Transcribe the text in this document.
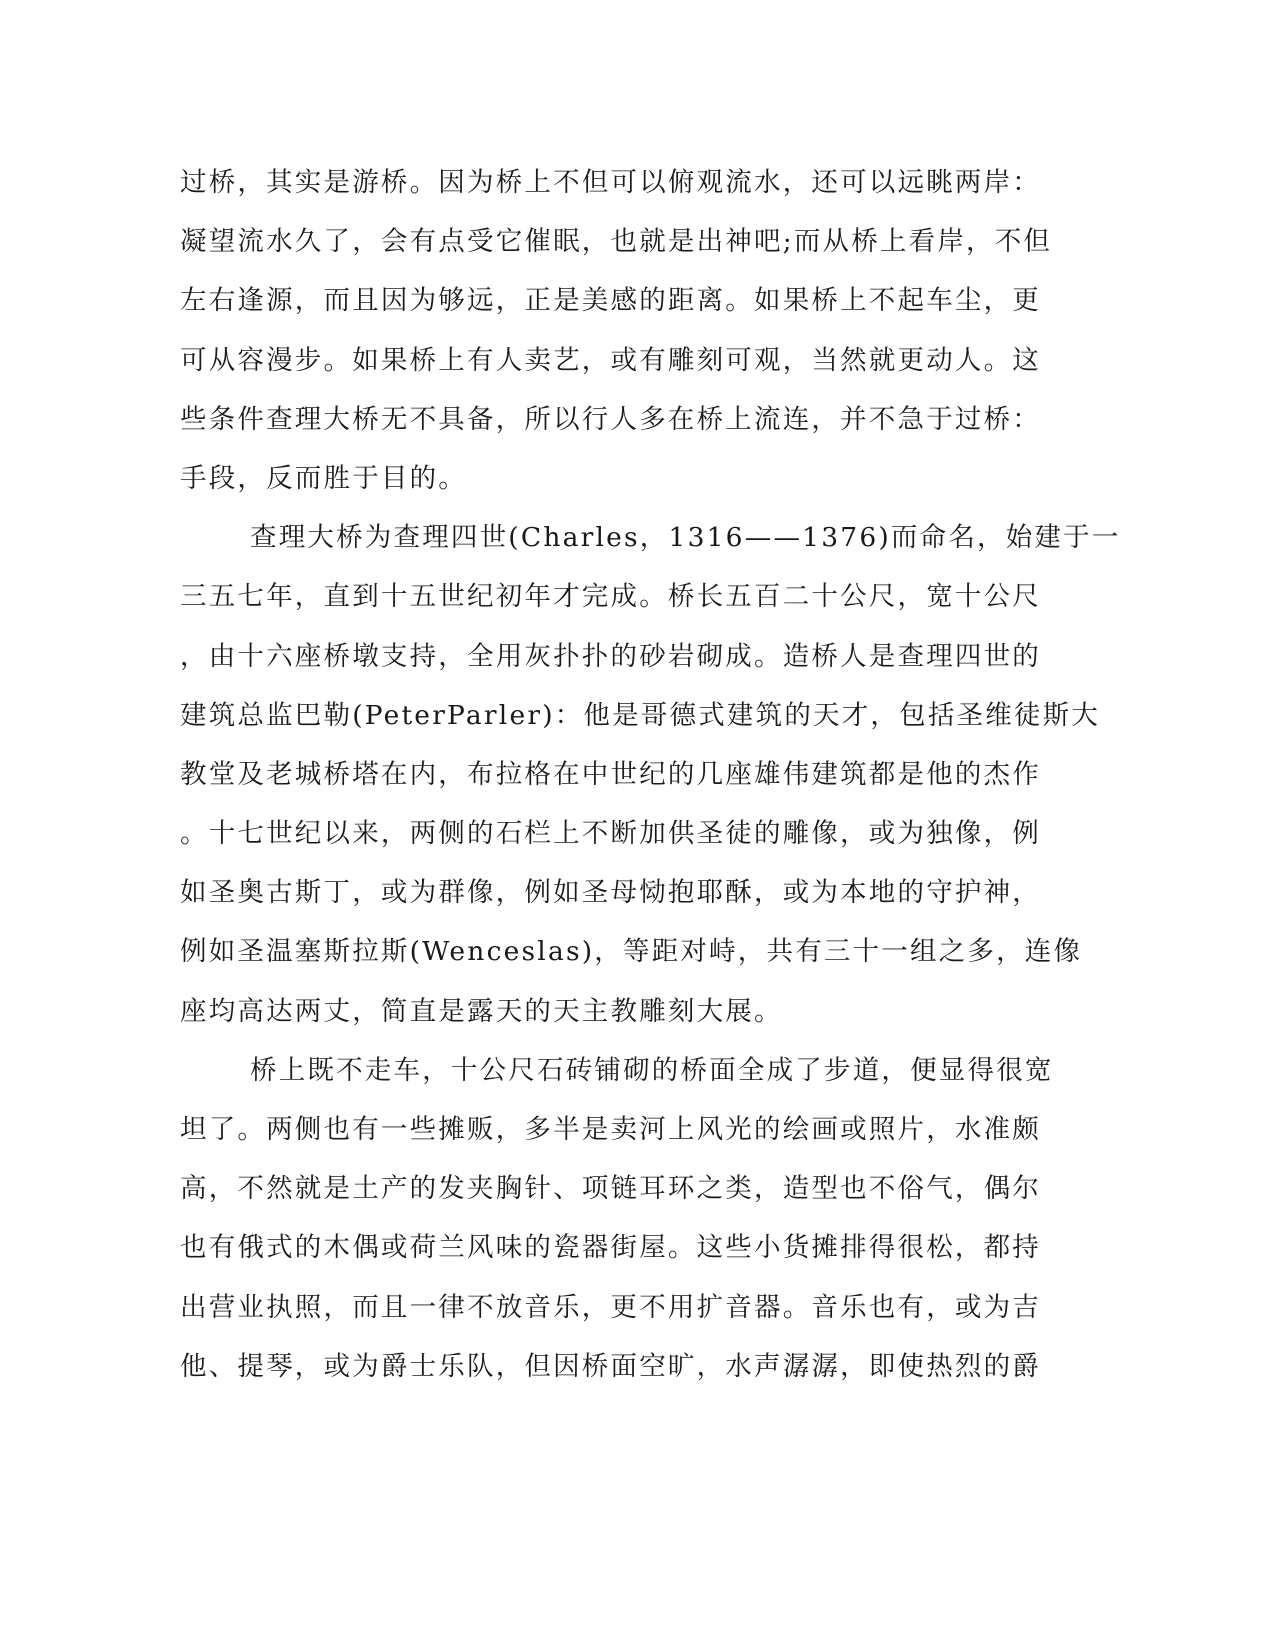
过桥，其实是游桥。因为桥上不但可以俯观流水，还可以远眺两岸：
凝望流水久了，会有点受它催眠，也就是出神吧;而从桥上看岸，不但
左右逢源，而且因为够远，正是美感的距离。如果桥上不起车尘，更
可从容漫步。如果桥上有人卖艺，或有雕刻可观，当然就更动人。这
些条件查理大桥无不具备，所以行人多在桥上流连，并不急于过桥：
手段，反而胜于目的。
查理大桥为查理四世(Charles，1316——1376)而命名，始建于一
三五七年，直到十五世纪初年才完成。桥长五百二十公尺，宽十公尺
，由十六座桥墩支持，全用灰扑扑的砂岩砌成。造桥人是查理四世的
建筑总监巴勒(PeterParler)：他是哥德式建筑的天才，包括圣维徒斯大
教堂及老城桥塔在内，布拉格在中世纪的几座雄伟建筑都是他的杰作
。十七世纪以来，两侧的石栏上不断加供圣徒的雕像，或为独像，例
如圣奥古斯丁，或为群像，例如圣母恸抱耶酥，或为本地的守护神，
例如圣温塞斯拉斯(Wenceslas)，等距对峙，共有三十一组之多，连像
座均高达两丈，简直是露天的天主教雕刻大展。
桥上既不走车，十公尺石砖铺砌的桥面全成了步道，便显得很宽
坦了。两侧也有一些摊贩，多半是卖河上风光的绘画或照片，水准颇
高，不然就是土产的发夹胸针、项链耳环之类，造型也不俗气，偶尔
也有俄式的木偶或荷兰风味的瓷器街屋。这些小货摊排得很松，都持
出营业执照，而且一律不放音乐，更不用扩音器。音乐也有，或为吉
他、提琴，或为爵士乐队，但因桥面空旷，水声潺潺，即使热烈的爵
